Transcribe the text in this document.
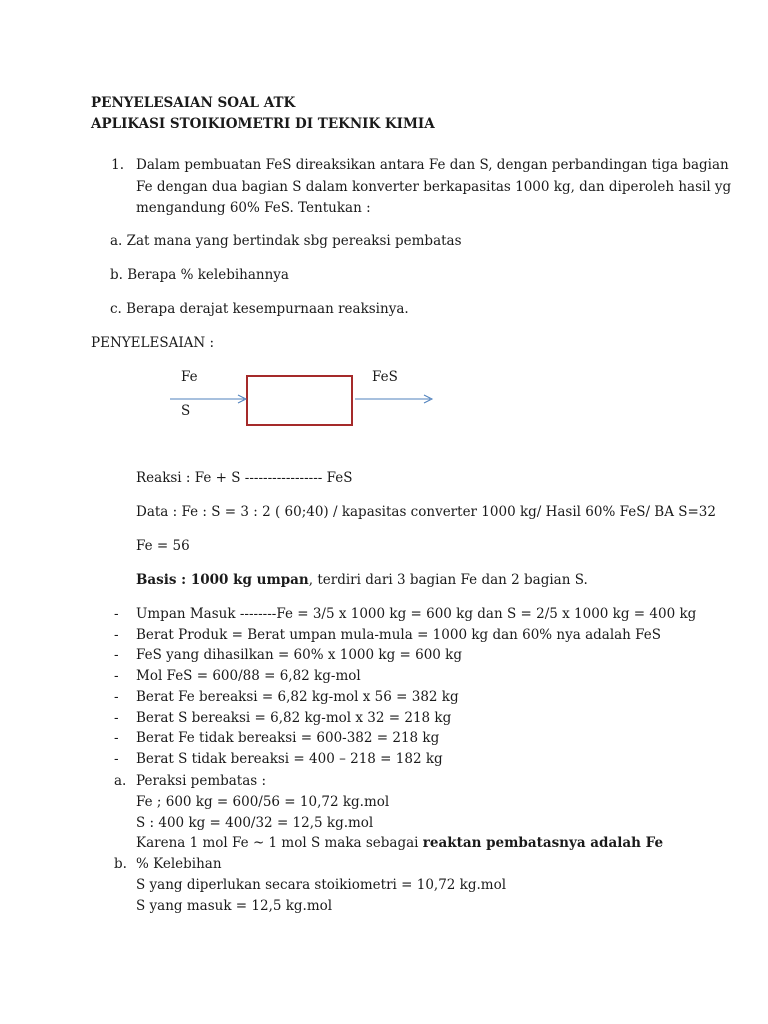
PENYELESAIAN SOAL ATK
APLIKASI STOIKIOMETRI DI TEKNIK KIMIA
1. Dalam pembuatan FeS direaksikan antara Fe dan S, dengan perbandingan tiga bagian
Fe dengan dua bagian S dalam konverter berkapasitas 1000 kg, dan diperoleh hasil yg
mengandung 60% FeS. Tentukan :
a. Zat mana yang bertindak sbg pereaksi pembatas
b. Berapa % kelebihannya
c. Berapa derajat kesempurnaan reaksinya.
PENYELESAIAN :
Fe
S
FeS
Reaksi : Fe + S ----------------- FeS
Data : Fe : S = 3 : 2 ( 60;40) / kapasitas converter 1000 kg/ Hasil 60% FeS/ BA S=32
Fe = 56
Basis : 1000 kg umpan, terdiri dari 3 bagian Fe dan 2 bagian S.
-	Umpan Masuk --------Fe = 3/5 x 1000 kg = 600 kg dan S = 2/5 x 1000 kg = 400 kg
-	Berat Produk = Berat umpan mula-mula = 1000 kg dan 60% nya adalah FeS
-	FeS yang dihasilkan = 60% x 1000 kg = 600 kg
-	Mol FeS = 600/88 = 6,82 kg-mol
-	Berat Fe bereaksi = 6,82 kg-mol x 56 = 382 kg
-	Berat S bereaksi = 6,82 kg-mol x 32 = 218 kg
-	Berat Fe tidak bereaksi = 600-382 = 218 kg
-	Berat S tidak bereaksi = 400 – 218 = 182 kg
a. Peraksi pembatas :
Fe ; 600 kg = 600/56 = 10,72 kg.mol
S : 400 kg = 400/32 = 12,5 kg.mol
Karena 1 mol Fe ~ 1 mol S maka sebagai reaktan pembatasnya adalah Fe
b. % Kelebihan
S yang diperlukan secara stoikiometri = 10,72 kg.mol
S yang masuk = 12,5 kg.mol
